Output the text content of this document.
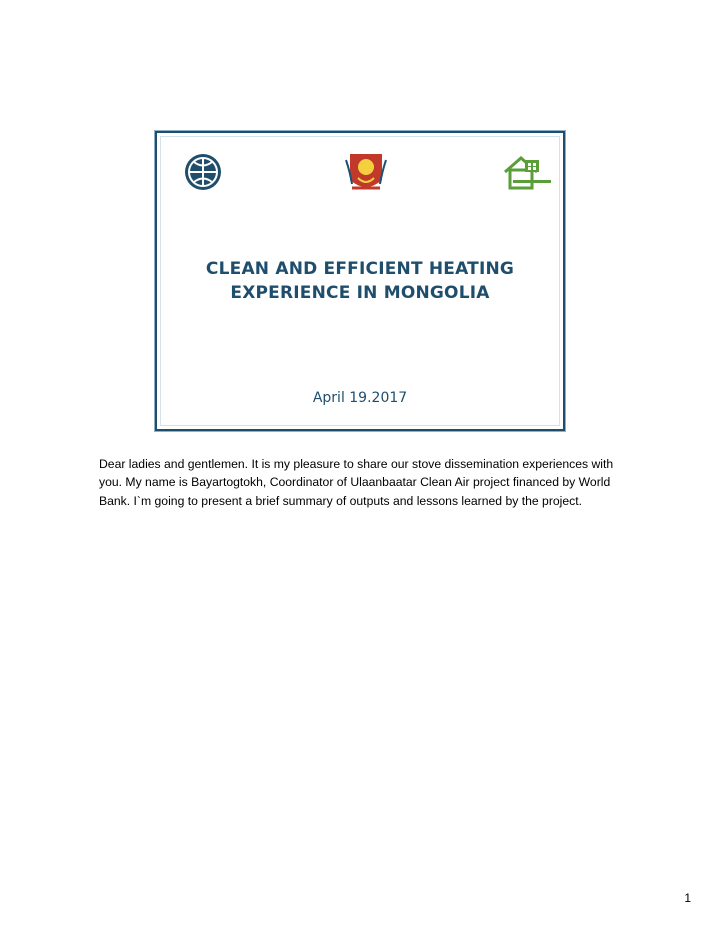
CLEAN AND EFFICIENT HEATING
EXPERIENCE IN MONGOLIA
April 19.2017

Dear ladies and gentlemen. It is my pleasure to share our stove dissemination experiences with you. My name is Bayartogtokh, Coordinator of Ulaanbaatar Clean Air project financed by World Bank. I`m going to present a brief summary of outputs and lessons learned by the project.

1
